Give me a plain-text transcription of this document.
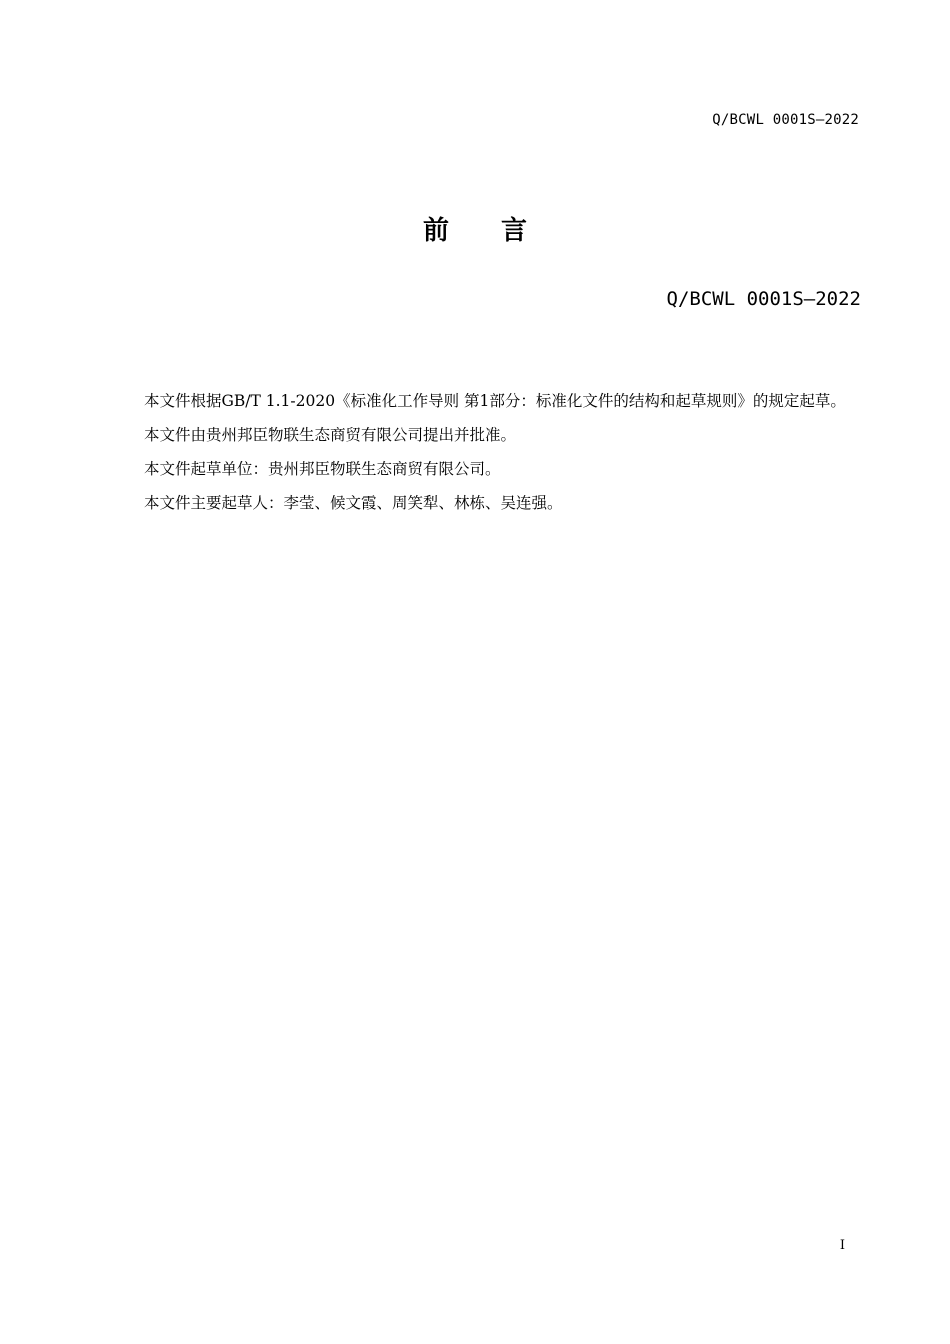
Q/BCWL 0001S—2022
前言
Q/BCWL 0001S—2022

本文件根据GB/T 1.1-2020《标准化工作导则 第1部分：标准化文件的结构和起草规则》的规定起草。

本文件由贵州邦臣物联生态商贸有限公司提出并批准。

本文件起草单位：贵州邦臣物联生态商贸有限公司。

本文件主要起草人：李莹、候文霞、周笑犁、林栋、吴连强。

I
